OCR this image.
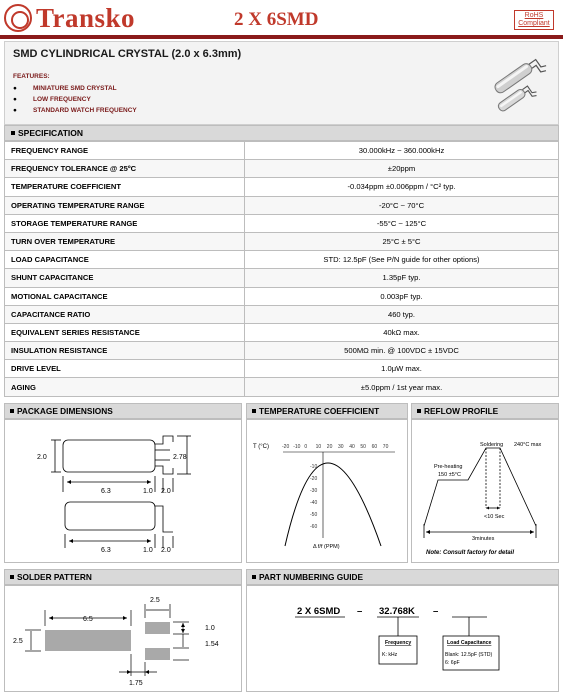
Transko	2 X 6SMD	RoHS
Compliant
SMD CYLINDRICAL CRYSTAL (2.0 x 6.3mm)
FEATURES:
● MINIATURE SMD CRYSTAL
● LOW FREQUENCY
● STANDARD WATCH FREQUENCY
SPECIFICATION
FREQUENCY RANGE	30.000kHz ~ 360.000kHz
FREQUENCY TOLERANCE @ 25ºC	±20ppm
TEMPERATURE COEFFICIENT	-0.034ppm ±0.006ppm / °C² typ.
OPERATING TEMPERATURE RANGE	-20°C ~ 70°C
STORAGE TEMPERATURE RANGE	-55°C ~ 125°C
TURN OVER TEMPERATURE	25°C ± 5°C
LOAD CAPACITANCE	STD: 12.5pF (See P/N guide for other options)
SHUNT CAPACITANCE	1.35pF typ.
MOTIONAL CAPACITANCE	0.003pF typ.
CAPACITANCE RATIO	460 typ.
EQUIVALENT SERIES RESISTANCE	40kΩ max.
INSULATION RESISTANCE	500MΩ min. @ 100VDC ± 15VDC
DRIVE LEVEL	1.0μW max.
AGING	±5.0ppm / 1st year max.
PACKAGE DIMENSIONS
2.0	2.78
6.3	1.0 2.0
6.3	1.0 2.0
TEMPERATURE COEFFICIENT
T (°C)	-20 -10 0 10 20 30 40 50 60 70
-10
-20
-30
-40
-50
-60
Δ f/f (PPM)
REFLOW PROFILE
Soldering 240°C max
Pre-heating
150 ±5°C
<10 Sec
3minutes
Note: Consult factory for detail
SOLDER PATTERN
6.5
2.5
2.5
1.0
1.54
1.75
PART NUMBERING GUIDE
2 X 6SMD – 32.768K –
Frequency
K: kHz
Load Capacitance
Blank: 12.5pF (STD)
6: 6pF
